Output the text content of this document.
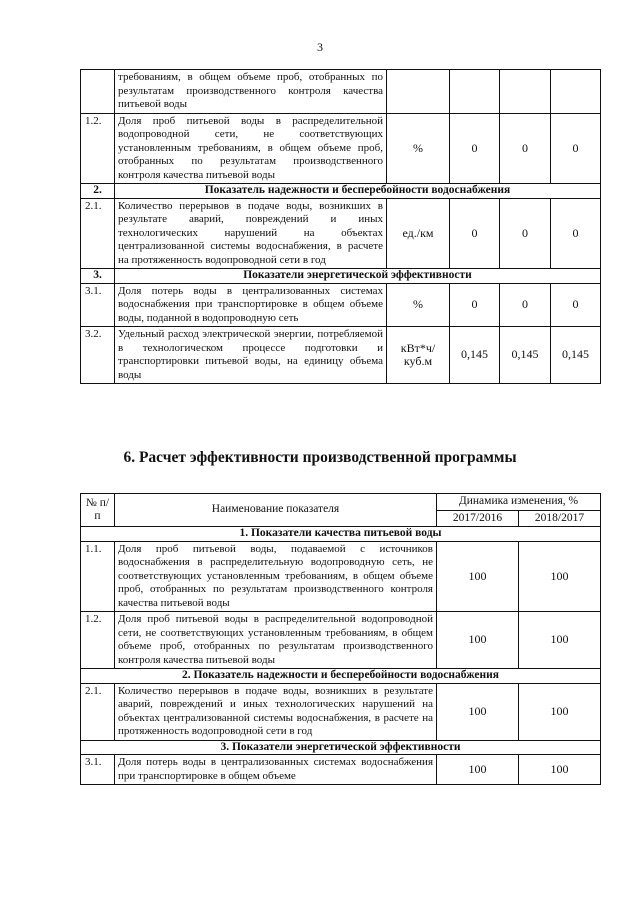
3
	требованиям, в общем объеме проб, отобранных по результатам производственного контроля качества питьевой воды				
1.2.	Доля проб питьевой воды в распределительной водопроводной сети, не соответствующих установленным требованиям, в общем объеме проб, отобранных по результатам производственного контроля качества питьевой воды	%	0	0	0
2.	Показатель надежности и бесперебойности водоснабжения				
2.1.	Количество перерывов в подаче воды, возникших в результате аварий, повреждений и иных технологических нарушений на объектах централизованной системы водоснабжения, в расчете на протяженность водопроводной сети в год	ед./км	0	0	0
3.	Показатели энергетической эффективности				
3.1.	Доля потерь воды в централизованных системах водоснабжения при транспортировке в общем объеме воды, поданной в водопроводную сеть	%	0	0	0
3.2.	Удельный расход электрической энергии, потребляемой в технологическом процессе подготовки и транспортировки питьевой воды, на единицу объема воды	кВт*ч/ куб.м	0,145	0,145	0,145
6. Расчет эффективности производственной программы
№ п/п	Наименование показателя	Динамика изменения, %	
		2017/2016	2018/2017
1. Показатели качества питьевой воды			
1.1.	Доля проб питьевой воды, подаваемой с источников водоснабжения в распределительную водопроводную сеть, не соответствующих установленным требованиям, в общем объеме проб, отобранных по результатам производственного контроля качества питьевой воды	100	100
1.2.	Доля проб питьевой воды в распределительной водопроводной сети, не соответствующих установленным требованиям, в общем объеме проб, отобранных по результатам производственного контроля качества питьевой воды	100	100
2. Показатель надежности и бесперебойности водоснабжения			
2.1.	Количество перерывов в подаче воды, возникших в результате аварий, повреждений и иных технологических нарушений на объектах централизованной системы водоснабжения, в расчете на протяженность водопроводной сети в год	100	100
3. Показатели энергетической эффективности			
3.1.	Доля потерь воды в централизованных системах водоснабжения при транспортировке в общем объеме	100	100
